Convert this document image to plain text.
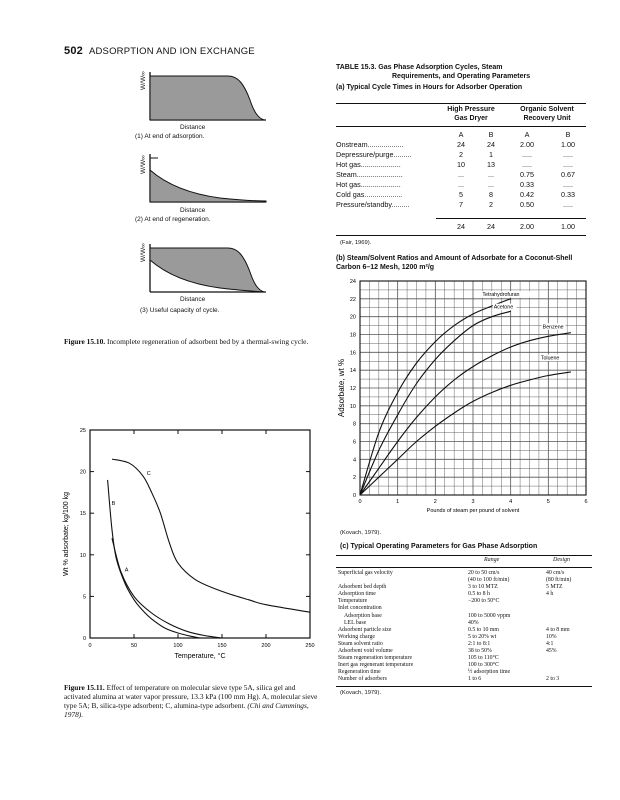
502 ADSORPTION AND ION EXCHANGE
W/W∞
Distance
(1) At end of adsorption.
W/W∞
Distance
(2) At end of regeneration.
W/W∞
Distance
(3) Useful capacity of cycle.
Figure 15.10. Incomplete regeneration of adsorbent bed by a thermal-swing cycle.
0
5
10
15
20
25
0	50	100	150	200	250
Temperature, °C
Wt % adsorbate; kg/100 kg	A
B
C
Figure 15.11. Effect of temperature on molecular sieve type 5A, silica gel and activated alumina at water vapor pressure, 13.3 kPa (100 mm Hg). A, molecular sieve type 5A; B, silica-type adsorbent; C, alumina-type adsorbent. (Chi and Cummings, 1978).
TABLE 15.3. Gas Phase Adsorption Cycles, Steam
Requirements, and Operating Parameters
(a) Typical Cycle Times in Hours for Adsorber Operation
High Pressure
Gas Dryer
Organic Solvent
Recovery Unit
	A	B	A	B
Onstream..................	24	24	2.00	1.00
Depressure/purge.........	2	1	.....	.....
Hot gas....................	10	13	.....	.....
Steam.......................	...	...	0.75	0.67
Hot gas....................	...	...	0.33	.....
Cold gas...................	5	8	0.42	0.33
Pressure/standby.........	7	2	0.50	.....
	24	24	2.00	1.00
(Fair, 1969).
(b) Steam/Solvent Ratios and Amount of Adsorbate for a Coconut-Shell Carbon 6–12 Mesh, 1200 m²/g
0
2
4
6
8
10
12
14
16
18
20
22
24
0	1	2	3	4	5	6
Pounds of steam per pound of solvent
Adsorbate, wt %
Tetrahydrofuran
Acetone
Benzene
Toluene
(Kovach, 1979).
(c) Typical Operating Parameters for Gas Phase Adsorption
Range	Design
Superficial gas velocity	20 to 50 cm/s	40 cm/s
	(40 to 100 ft/min)	(80 ft/min)
Adsorbent bed depth	3 to 10 MTZ	5 MTZ
Adsorption time	0.5 to 8 h	4 h
Temperature	−200 to 50°C	
Inlet concentration		
Adsorption base	100 to 5000 vppm	
LEL base	40%	
Adsorbent particle size	0.5 to 10 mm	4 to 8 mm
Working charge	5 to 20% wt	10%
Steam solvent ratio	2:1 to 8:1	4:1
Adsorbent void volume	38 to 50%	45%
Steam regeneration temperature	105 to 110°C	
Inert gas regenerant temperature	100 to 300°C	
Regeneration time	½ adsorption time	
Number of adsorbers	1 to 6	2 to 3
(Kovach, 1979).
